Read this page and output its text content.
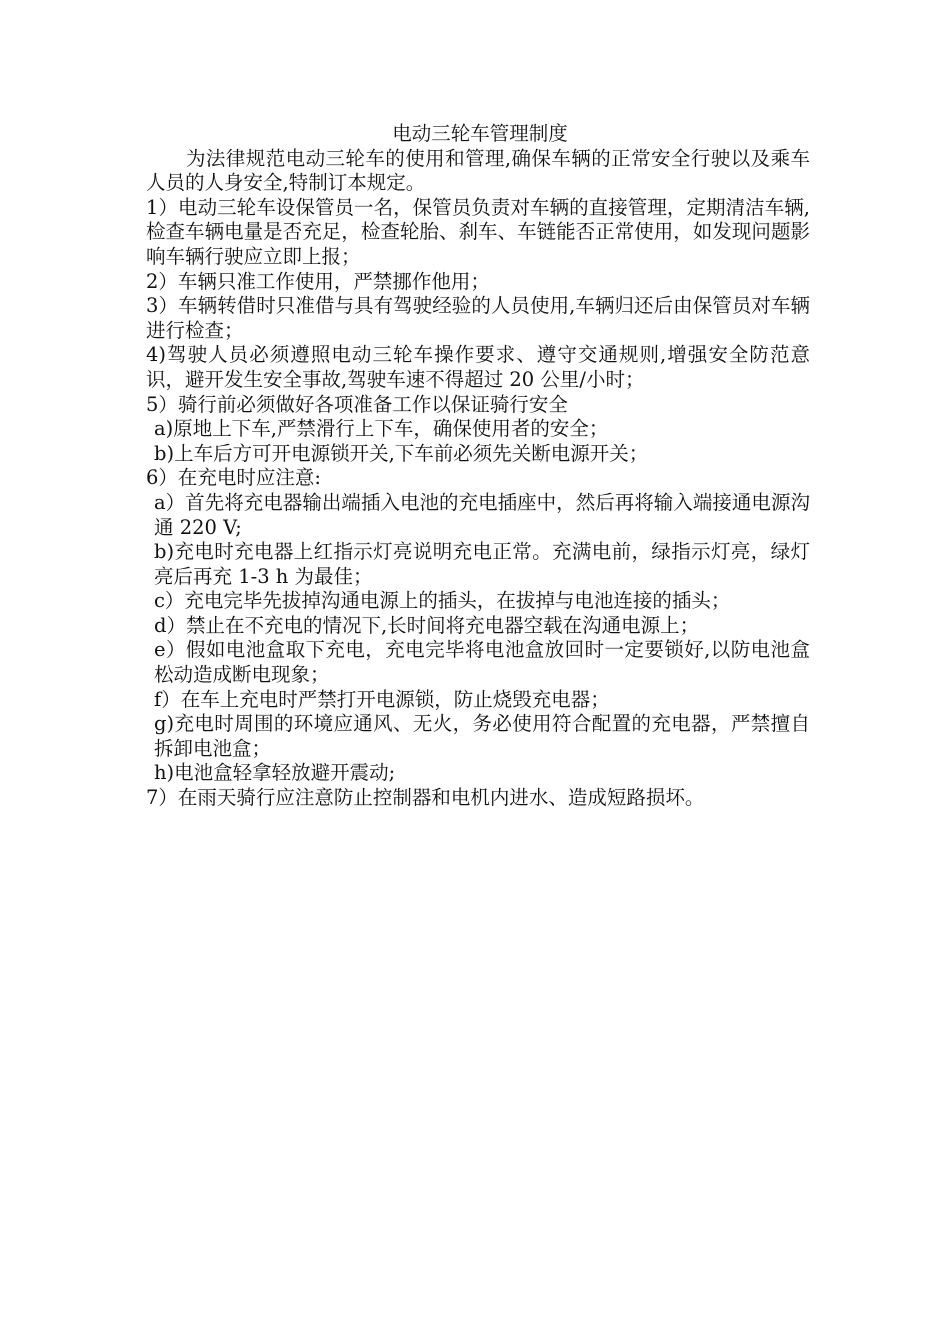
电动三轮车管理制度

为法律规范电动三轮车的使用和管理,确保车辆的正常安全行驶以及乘车人员的人身安全,特制订本规定。

1）电动三轮车设保管员一名，保管员负责对车辆的直接管理，定期清洁车辆,检查车辆电量是否充足，检查轮胎、刹车、车链能否正常使用，如发现问题影响车辆行驶应立即上报；

2）车辆只准工作使用，严禁挪作他用；

3）车辆转借时只准借与具有驾驶经验的人员使用,车辆归还后由保管员对车辆进行检查；

4)驾驶人员必须遵照电动三轮车操作要求、遵守交通规则,增强安全防范意识，避开发生安全事故,驾驶车速不得超过 20 公里/小时；

5）骑行前必须做好各项准备工作以保证骑行安全

a)原地上下车,严禁滑行上下车，确保使用者的安全；

b)上车后方可开电源锁开关,下车前必须先关断电源开关；

6）在充电时应注意:

a）首先将充电器输出端插入电池的充电插座中，然后再将输入端接通电源沟通 220 V;

b)充电时充电器上红指示灯亮说明充电正常。充满电前，绿指示灯亮，绿灯亮后再充 1-3 h 为最佳；

c）充电完毕先拔掉沟通电源上的插头，在拔掉与电池连接的插头；

d）禁止在不充电的情况下,长时间将充电器空载在沟通电源上；

e）假如电池盒取下充电，充电完毕将电池盒放回时一定要锁好,以防电池盒松动造成断电现象；

f）在车上充电时严禁打开电源锁，防止烧毁充电器；

g)充电时周围的环境应通风、无火，务必使用符合配置的充电器，严禁擅自拆卸电池盒；

h)电池盒轻拿轻放避开震动;

7）在雨天骑行应注意防止控制器和电机内进水、造成短路损坏。
